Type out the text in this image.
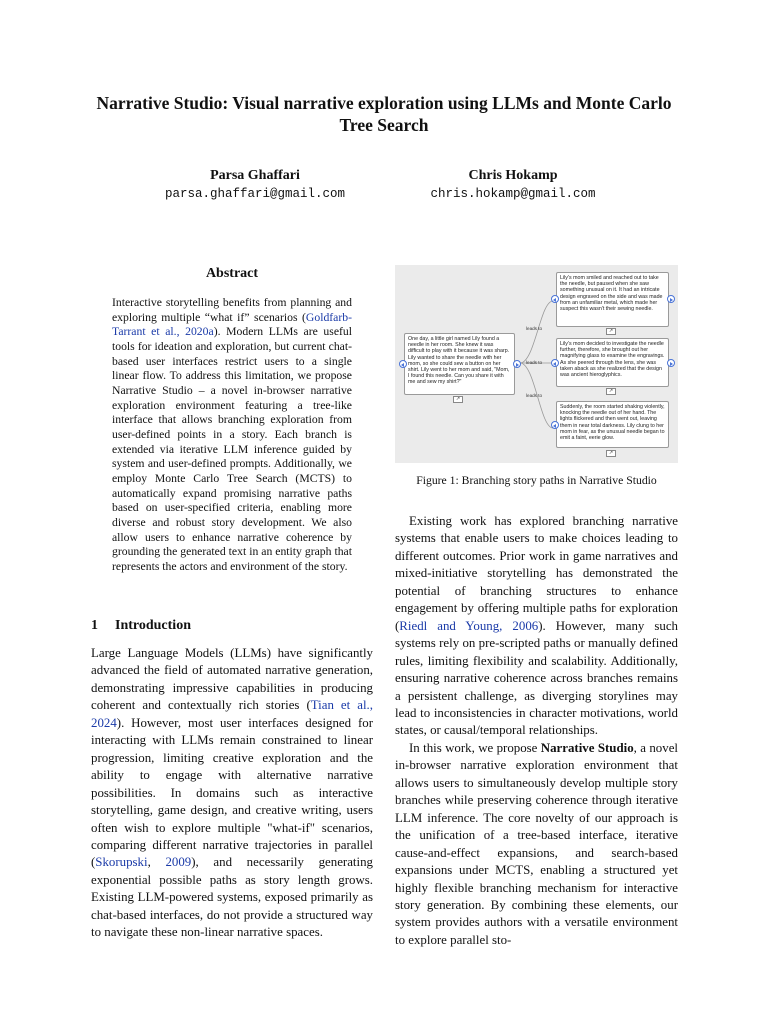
Narrative Studio: Visual narrative exploration using LLMs and Monte Carlo Tree Search
Parsa Ghaffari
parsa.ghaffari@gmail.com
Chris Hokamp
chris.hokamp@gmail.com
Abstract
Interactive storytelling benefits from planning and exploring multiple “what if” scenarios (Goldfarb-Tarrant et al., 2020a). Modern LLMs are useful tools for ideation and exploration, but current chat-based user interfaces restrict users to a single linear flow. To address this limitation, we propose Narrative Studio – a novel in-browser narrative exploration environment featuring a tree-like interface that allows branching exploration from user-defined points in a story. Each branch is extended via iterative LLM inference guided by system and user-defined prompts. Additionally, we employ Monte Carlo Tree Search (MCTS) to automatically expand promising narrative paths based on user-specified criteria, enabling more diverse and robust story development. We also allow users to enhance narrative coherence by grounding the generated text in an entity graph that represents the actors and environment of the story.
1 Introduction

Large Language Models (LLMs) have significantly advanced the field of automated narrative generation, demonstrating impressive capabilities in producing coherent and contextually rich stories (Tian et al., 2024). However, most user interfaces designed for interacting with LLMs remain constrained to linear progression, limiting creative exploration and the ability to engage with alternative narrative possibilities. In domains such as interactive storytelling, game design, and creative writing, users often wish to explore multiple "what-if" scenarios, comparing different narrative trajectories in parallel (Skorupski, 2009), and necessarily generating exponential possible paths as story length grows. Existing LLM-powered systems, exposed primarily as chat-based interfaces, do not provide a structured way to navigate these non-linear narrative spaces.

One day, a little girl named Lily found a needle in her room. She knew it was difficult to play with it because it was sharp. Lily wanted to share the needle with her mom, so she could sew a button on her shirt. Lily went to her mom and said, "Mom, I found this needle. Can you share it with me and sew my shirt?"
↗
leads to
leads to
leads to
Lily's mom smiled and reached out to take the needle, but paused when she saw something unusual on it. It had an intricate design engraved on the side and was made from an unfamiliar metal, which made her suspect this wasn't their sewing needle.
↗
Lily's mom decided to investigate the needle further, therefore, she brought out her magnifying glass to examine the engravings. As she peered through the lens, she was taken aback as she realized that the design was ancient hieroglyphics.
↗
Suddenly, the room started shaking violently, knocking the needle out of her hand. The lights flickered and then went out, leaving them in near total darkness. Lily clung to her mom in fear, as the unusual needle began to emit a faint, eerie glow.
↗
Figure 1: Branching story paths in Narrative Studio

Existing work has explored branching narrative systems that enable users to make choices leading to different outcomes. Prior work in game narratives and mixed-initiative storytelling has demonstrated the potential of branching structures to enhance engagement by offering multiple paths for exploration (Riedl and Young, 2006). However, many such systems rely on pre-scripted paths or manually defined rules, limiting flexibility and scalability. Additionally, ensuring narrative coherence across branches remains a persistent challenge, as diverging storylines may lead to inconsistencies in character motivations, world states, or causal/temporal relationships.

In this work, we propose Narrative Studio, a novel in-browser narrative exploration environment that allows users to simultaneously develop multiple story branches while preserving coherence through iterative LLM inference. The core novelty of our approach is the unification of a tree-based interface, iterative cause-and-effect expansions, and search-based expansions under MCTS, enabling a structured yet highly flexible branching mechanism for interactive story generation. By combining these elements, our system provides authors with a versatile environment to explore parallel sto-
